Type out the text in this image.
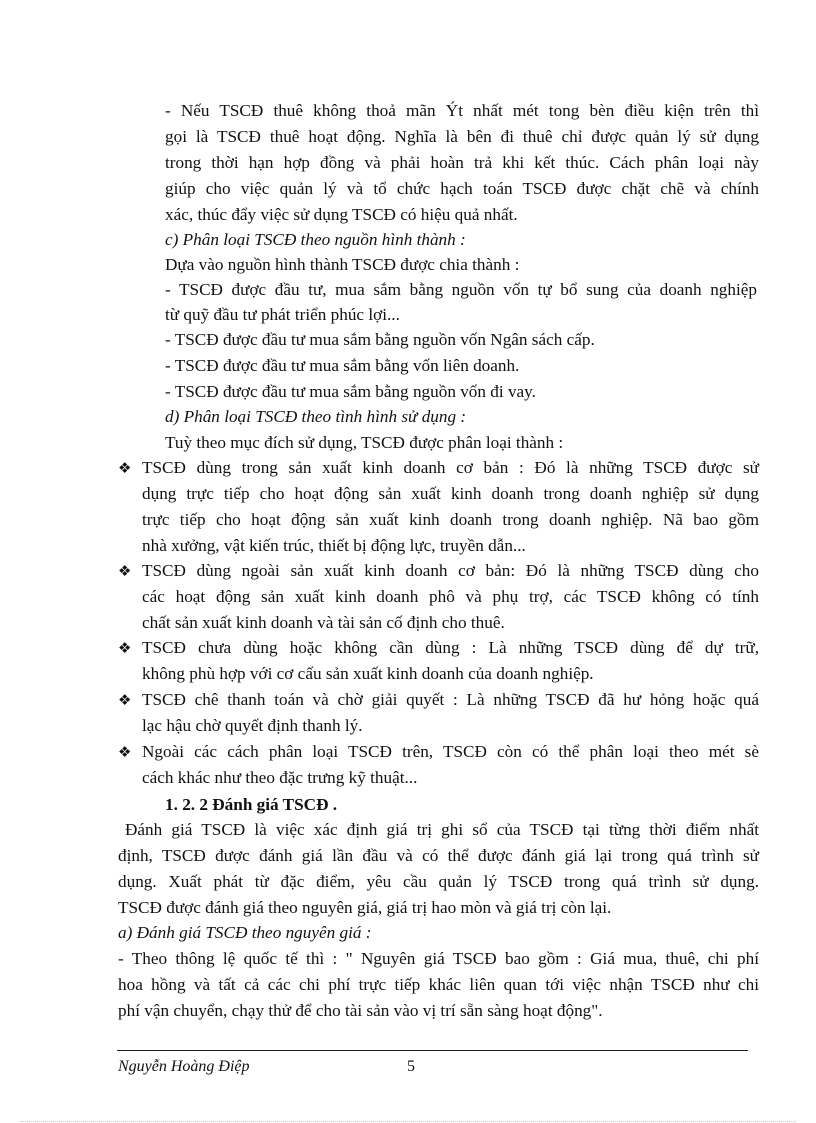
- Nếu TSCĐ thuê không thoả mãn Ýt nhất mét tong bèn điều kiện trên thì
gọi là TSCĐ thuê hoạt động. Nghĩa là bên đi thuê chỉ được quản lý sử dụng
trong thời hạn hợp đồng và phải hoàn trả khi kết thúc. Cách phân loại này
giúp cho việc quản lý và tổ chức hạch toán TSCĐ được chặt chẽ và chính
xác, thúc đẩy việc sử dụng TSCĐ có hiệu quả nhất.
c) Phân loại TSCĐ theo nguồn hình thành :
Dựa vào nguồn hình thành TSCĐ được chia thành :
- TSCĐ được đầu tư, mua sắm bằng nguồn vốn tự bổ sung của doanh nghiệp
từ quỹ đầu tư phát triển phúc lợi...
- TSCĐ được đầu tư mua sắm bằng nguồn vốn Ngân sách cấp.
- TSCĐ được đầu tư mua sắm bằng vốn liên doanh.
- TSCĐ được đầu tư mua sắm bằng nguồn vốn đi vay.
d) Phân loại TSCĐ theo tình hình sử dụng :
Tuỳ theo mục đích sử dụng, TSCĐ được phân loại thành :
❖ TSCĐ dùng trong sản xuất kinh doanh cơ bản : Đó là những TSCĐ được sử
dụng trực tiếp cho hoạt động sản xuất kinh doanh trong doanh nghiệp sử dụng
trực tiếp cho hoạt động sản xuất kinh doanh trong doanh nghiệp. Nã bao gồm
nhà xưởng, vật kiến trúc, thiết bị động lực, truyền dẫn...
❖ TSCĐ dùng ngoài sản xuất kinh doanh cơ bản: Đó là những TSCĐ dùng cho
các hoạt động sản xuất kinh doanh phô và phụ trợ, các TSCĐ không có tính
chất sản xuất kinh doanh và tài sản cố định cho thuê.
❖ TSCĐ chưa dùng hoặc không cần dùng : Là những TSCĐ dùng để dự trữ,
không phù hợp với cơ cấu sản xuất kinh doanh của doanh nghiệp.
❖ TSCĐ chê thanh toán và chờ giải quyết : Là những TSCĐ đã hư hỏng hoặc quá
lạc hậu chờ quyết định thanh lý.
❖ Ngoài các cách phân loại TSCĐ trên, TSCĐ còn có thể phân loại theo mét sè
cách khác như theo đặc trưng kỹ thuật...
1. 2. 2 Đánh giá TSCĐ .
Đánh giá TSCĐ là việc xác định giá trị ghi sổ của TSCĐ tại từng thời điểm nhất
định, TSCĐ được đánh giá lần đầu và có thể được đánh giá lại trong quá trình sử
dụng. Xuất phát từ đặc điểm, yêu cầu quản lý TSCĐ trong quá trình sử dụng.
TSCĐ được đánh giá theo nguyên giá, giá trị hao mòn và giá trị còn lại.
a) Đánh giá TSCĐ theo nguyên giá :
- Theo thông lệ quốc tế thì : " Nguyên giá TSCĐ bao gồm : Giá mua, thuê, chi phí
hoa hồng và tất cả các chi phí trực tiếp khác liên quan tới việc nhận TSCĐ như chi
phí vận chuyển, chạy thử để cho tài sản vào vị trí sẵn sàng hoạt động".
Nguyễn Hoàng Điệp	5
